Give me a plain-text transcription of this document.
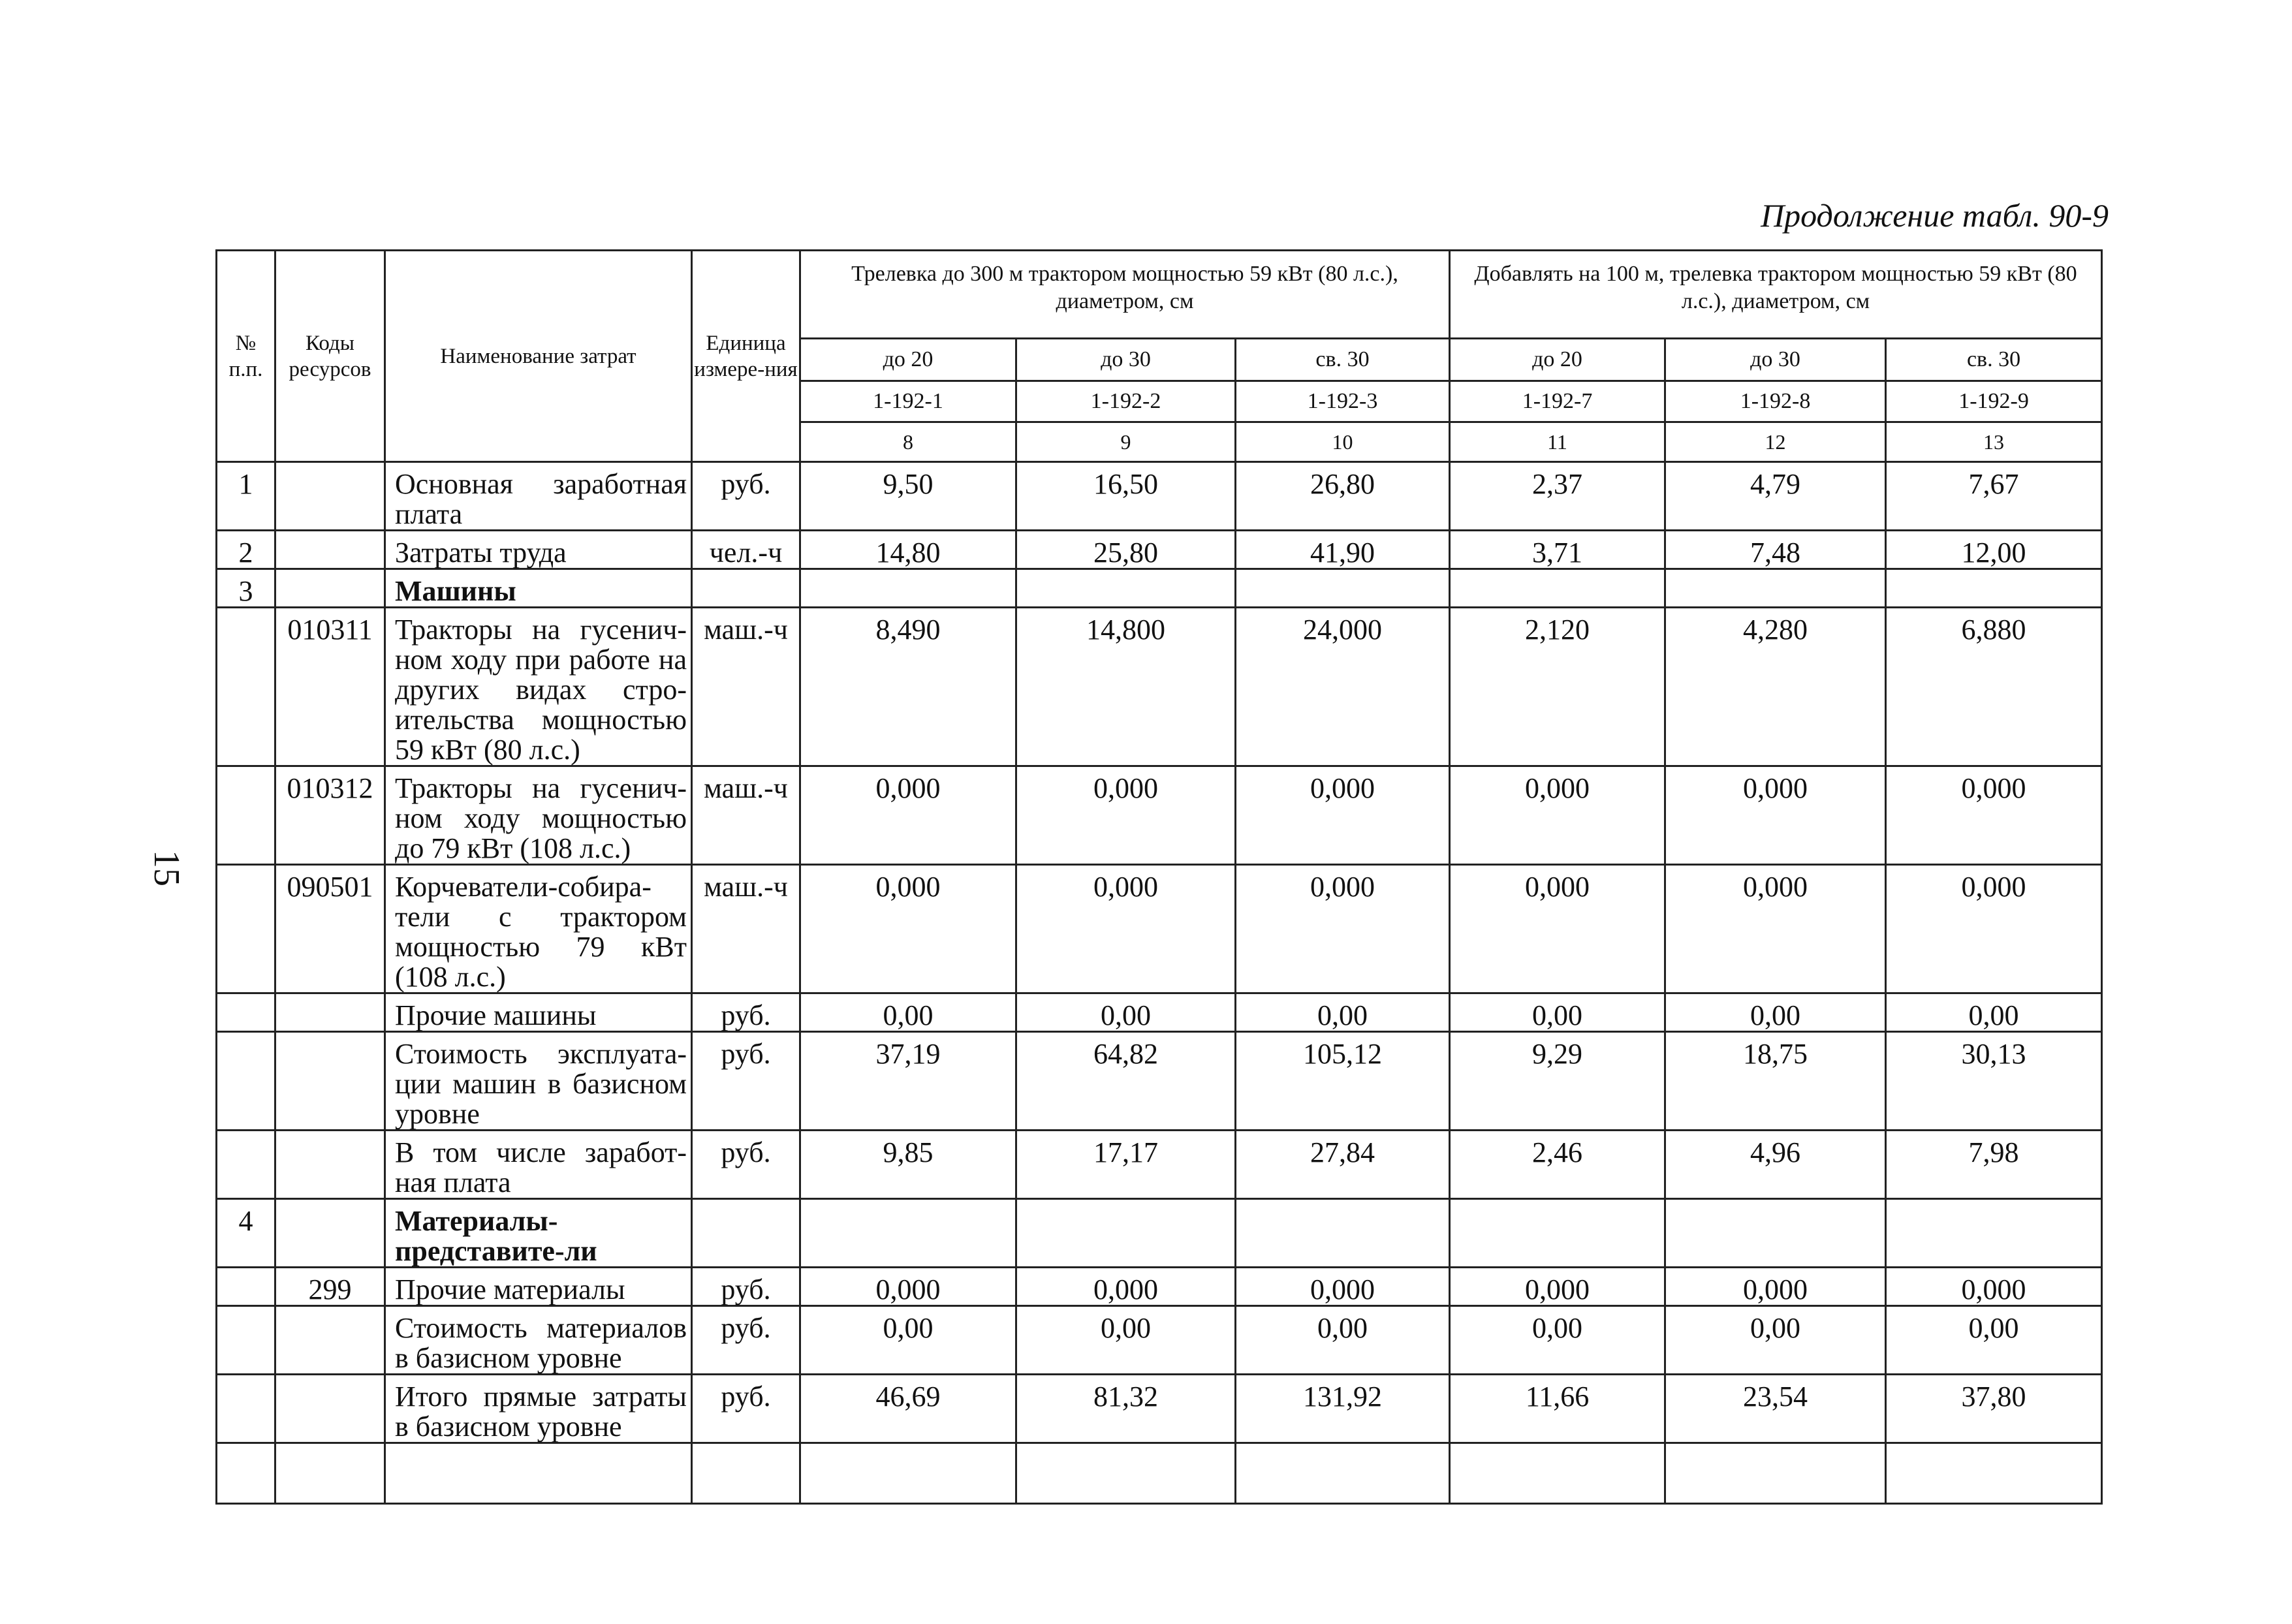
Продолжение табл. 90-9
15
№ п.п.	Коды ресурсов	Наименование затрат	Единица измере-ния	Трелевка до 300 м трактором мощностью 59 кВт (80 л.с.), диаметром, см			Добавлять на 100 м, трелевка трактором мощностью 59 кВт (80 л.с.), диаметром, см		
				до 20	до 30	св. 30	до 20	до 30	св. 30
				1-192-1	1-192-2	1-192-3	1-192-7	1-192-8	1-192-9
				8	9	10	11	12	13
1		Основная заработная плата	руб.	9,50	16,50	26,80	2,37	4,79	7,67
2		Затраты труда	чел.-ч	14,80	25,80	41,90	3,71	7,48	12,00
3		Машины							
	010311	Тракторы на гусенич-ном ходу при работе на других видах стро-ительства мощностью 59 кВт (80 л.с.)	маш.-ч	8,490	14,800	24,000	2,120	4,280	6,880
	010312	Тракторы на гусенич-ном ходу мощностью до 79 кВт (108 л.с.)	маш.-ч	0,000	0,000	0,000	0,000	0,000	0,000
	090501	Корчеватели-собира-тели с трактором мощностью 79 кВт (108 л.с.)	маш.-ч	0,000	0,000	0,000	0,000	0,000	0,000
		Прочие машины	руб.	0,00	0,00	0,00	0,00	0,00	0,00
		Стоимость эксплуата-ции машин в базисном уровне	руб.	37,19	64,82	105,12	9,29	18,75	30,13
		В том числе заработ-ная плата	руб.	9,85	17,17	27,84	2,46	4,96	7,98
4		Материалы-представите-ли							
	299	Прочие материалы	руб.	0,000	0,000	0,000	0,000	0,000	0,000
		Стоимость материалов в базисном уровне	руб.	0,00	0,00	0,00	0,00	0,00	0,00
		Итого прямые затраты в базисном уровне	руб.	46,69	81,32	131,92	11,66	23,54	37,80
